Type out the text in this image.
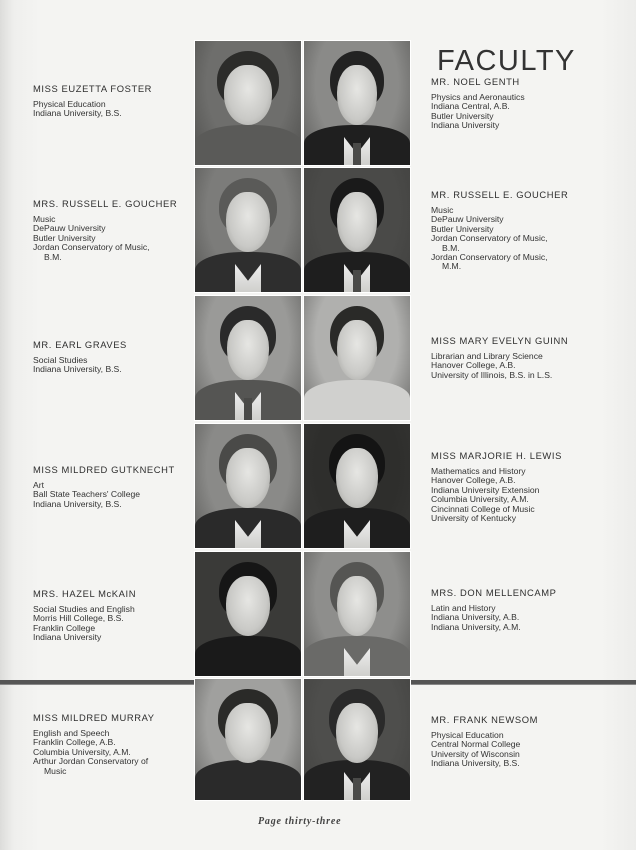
FACULTY
MISS EUZETTA FOSTER
Physical Education
Indiana University, B.S.
MR. NOEL GENTH
Physics and Aeronautics
Indiana Central, A.B.
Butler University
Indiana University
MRS. RUSSELL E. GOUCHER
Music
DePauw University
Butler University
Jordan Conservatory of Music,
B.M.
MR. RUSSELL E. GOUCHER
Music
DePauw University
Butler University
Jordan Conservatory of Music,
B.M.
Jordan Conservatory of Music,
M.M.
MR. EARL GRAVES
Social Studies
Indiana University, B.S.
MISS MARY EVELYN GUINN
Librarian and Library Science
Hanover College, A.B.
University of Illinois, B.S. in L.S.
MISS MILDRED GUTKNECHT
Art
Ball State Teachers' College
Indiana University, B.S.
MISS MARJORIE H. LEWIS
Mathematics and History
Hanover College, A.B.
Indiana University Extension
Columbia University, A.M.
Cincinnati College of Music
University of Kentucky
MRS. HAZEL McKAIN
Social Studies and English
Morris Hill College, B.S.
Franklin College
Indiana University
MRS. DON MELLENCAMP
Latin and History
Indiana University, A.B.
Indiana University, A.M.
MISS MILDRED MURRAY
English and Speech
Franklin College, A.B.
Columbia University, A.M.
Arthur Jordan Conservatory of
Music
MR. FRANK NEWSOM
Physical Education
Central Normal College
University of Wisconsin
Indiana University, B.S.
Page thirty-three
